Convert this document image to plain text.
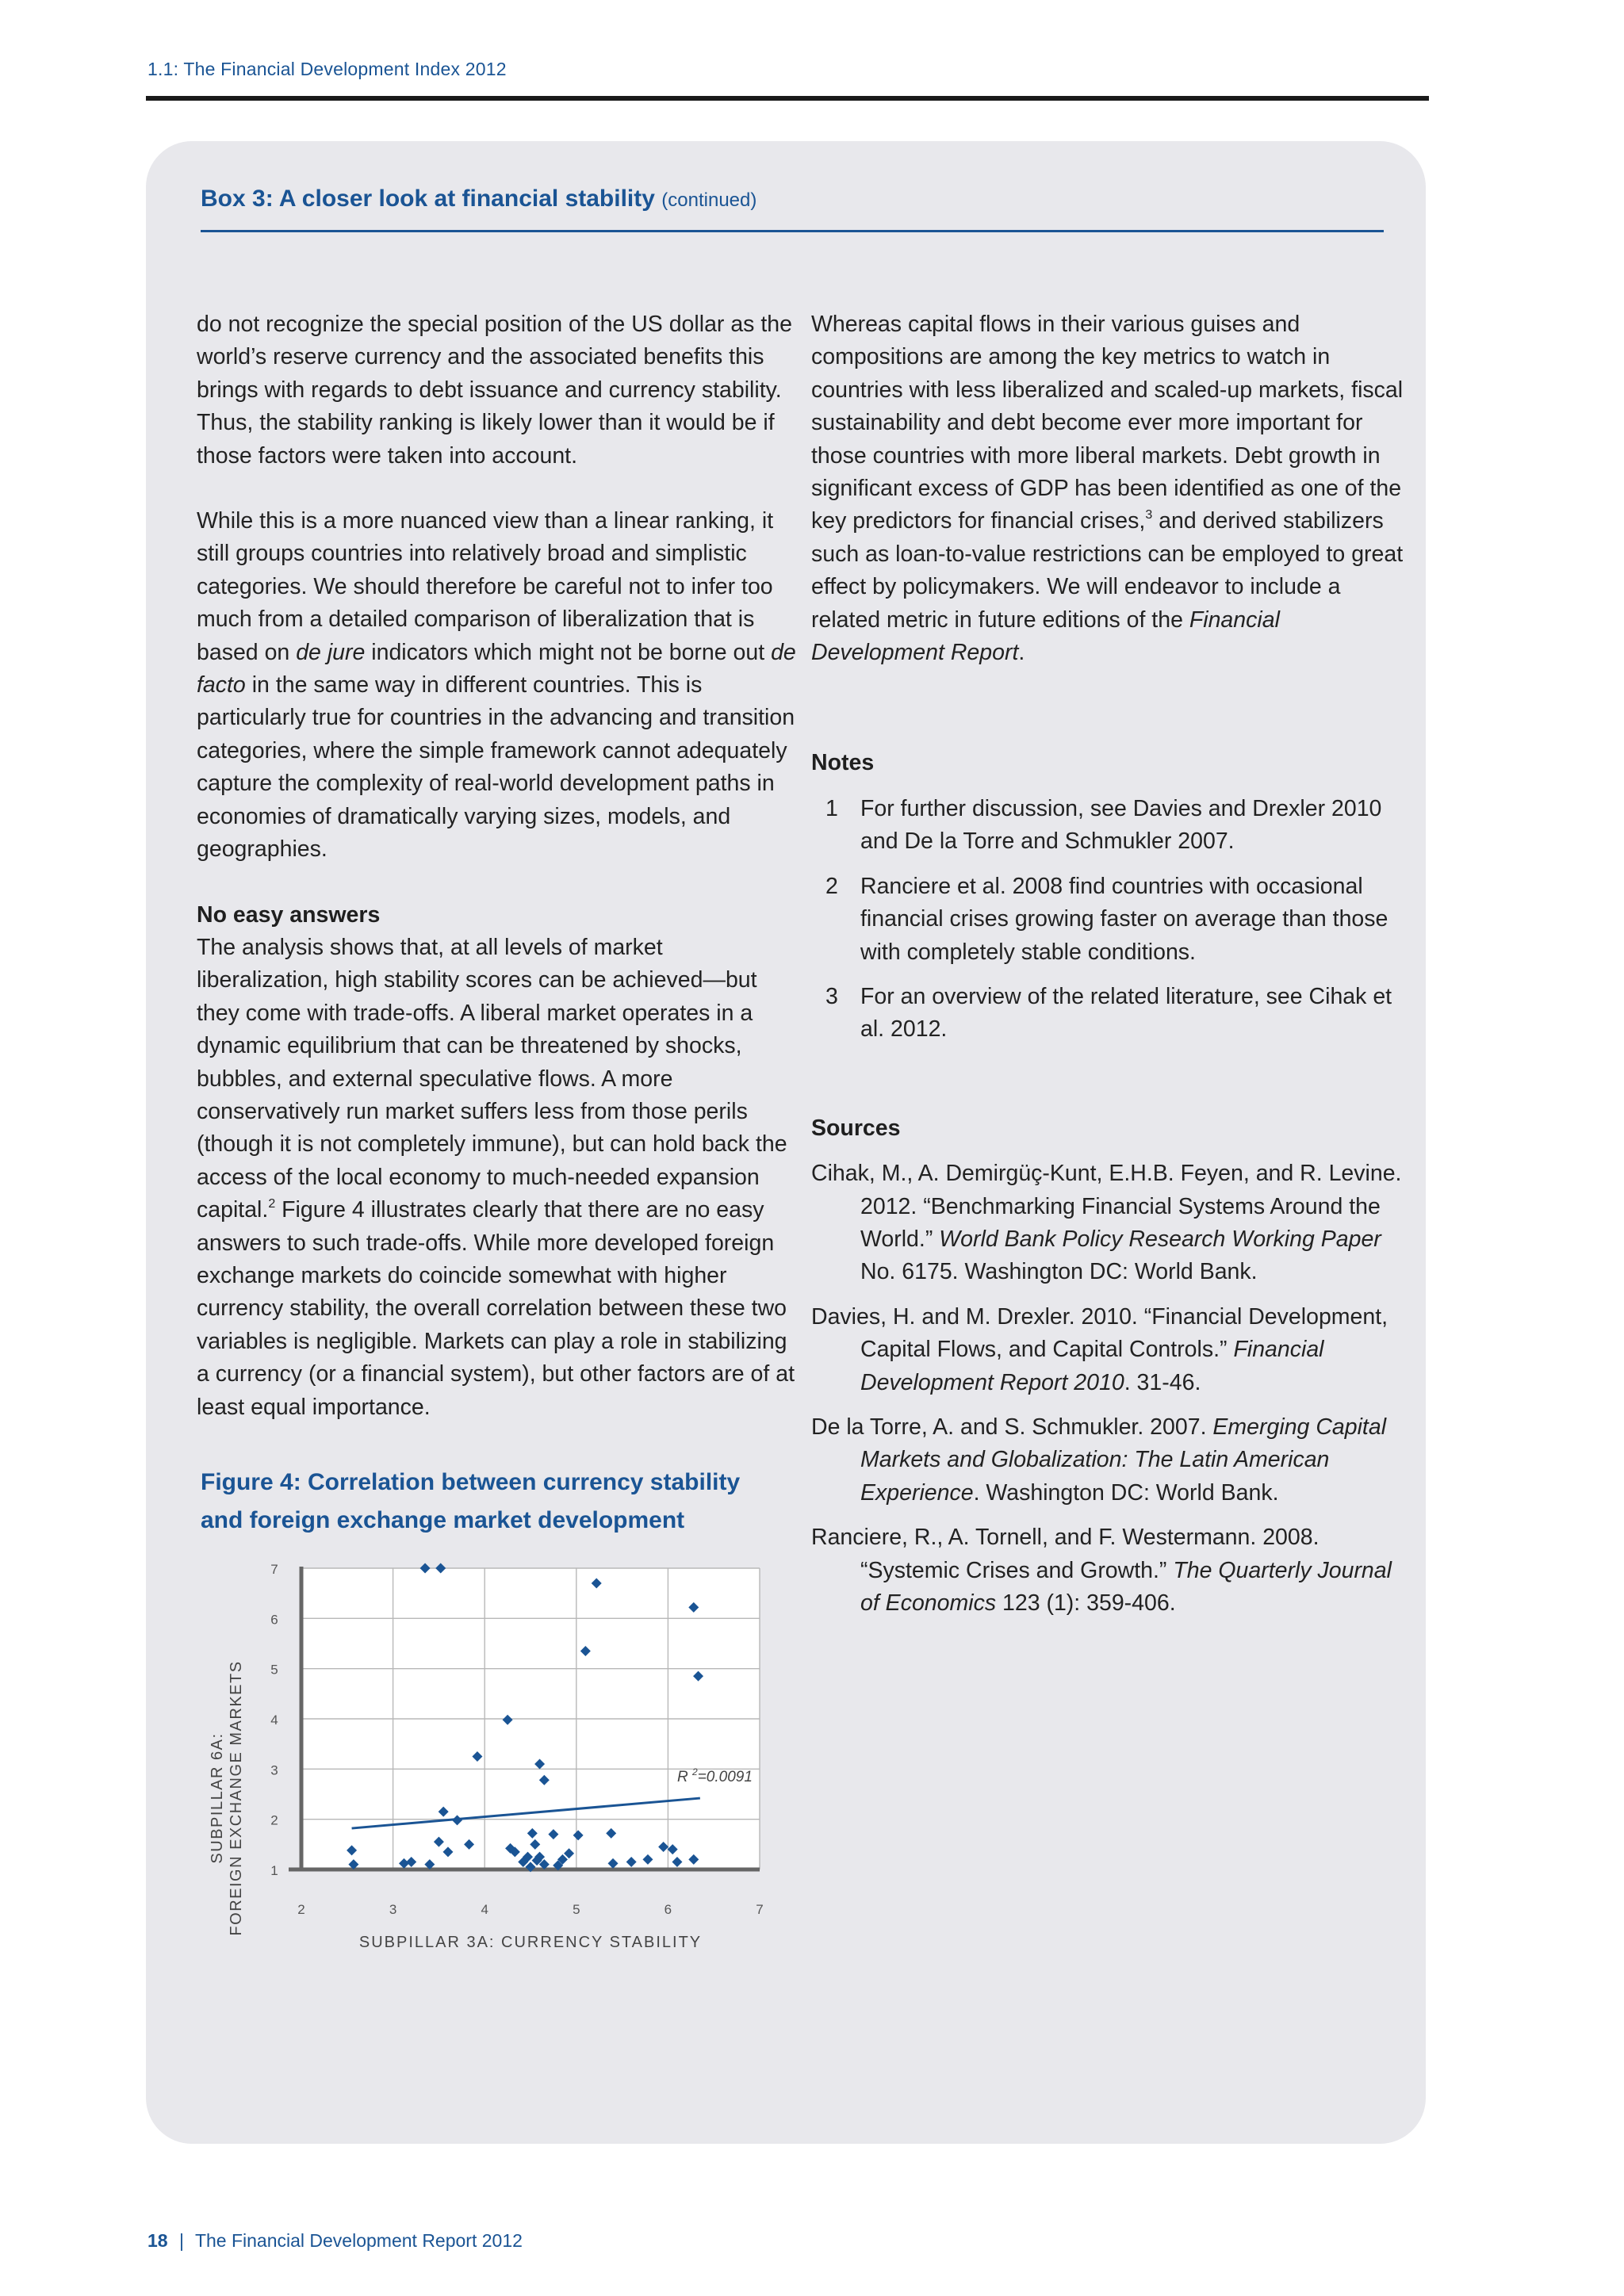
1.1: The Financial Development Index 2012
Box 3: A closer look at financial stability (continued)

do not recognize the special position of the US dollar as the world’s reserve currency and the associated benefits this brings with regards to debt issuance and currency stability. Thus, the stability ranking is likely lower than it would be if those factors were taken into account.

While this is a more nuanced view than a linear ranking, it still groups countries into relatively broad and simplistic categories. We should therefore be careful not to infer too much from a detailed comparison of liberalization that is based on de jure indicators which might not be borne out de facto in the same way in different countries. This is particularly true for countries in the advancing and transition categories, where the simple framework cannot adequately capture the complexity of real-world development paths in economies of dramatically varying sizes, models, and geographies.

No easy answers

The analysis shows that, at all levels of market liberalization, high stability scores can be achieved—but they come with trade-offs. A liberal market operates in a dynamic equilibrium that can be threatened by shocks, bubbles, and external speculative flows. A more conservatively run market suffers less from those perils (though it is not completely immune), but can hold back the access of the local economy to much-needed expansion capital.$^2$ Figure 4 illustrates clearly that there are no easy answers to such trade-offs. While more developed foreign exchange markets do coincide somewhat with higher currency stability, the overall correlation between these two variables is negligible. Markets can play a role in stabilizing a currency (or a financial system), but other factors are of at least equal importance.

Whereas capital flows in their various guises and compositions are among the key metrics to watch in countries with less liberalized and scaled-up markets, fiscal sustainability and debt become ever more important for those countries with more liberal markets. Debt growth in significant excess of GDP has been identified as one of the key predictors for financial crises,$^3$ and derived stabilizers such as loan-to-value restrictions can be employed to great effect by policymakers. We will endeavor to include a related metric in future editions of the Financial Development Report.

Notes

1 For further discussion, see Davies and Drexler 2010 and De la Torre and Schmukler 2007.
2 Ranciere et al. 2008 find countries with occasional financial crises growing faster on average than those with completely stable conditions.
3 For an overview of the related literature, see Cihak et al. 2012.

Sources

Cihak, M., A. Demirgüç-Kunt, E.H.B. Feyen, and R. Levine. 2012. “Benchmarking Financial Systems Around the World.” World Bank Policy Research Working Paper No. 6175. Washington DC: World Bank.

Davies, H. and M. Drexler. 2010. “Financial Development, Capital Flows, and Capital Controls.” Financial Development Report 2010. 31-46.

De la Torre, A. and S. Schmukler. 2007. Emerging Capital Markets and Globalization: The Latin American Experience. Washington DC: World Bank.

Ranciere, R., A. Tornell, and F. Westermann. 2008. “Systemic Crises and Growth.” The Quarterly Journal of Economics 123 (1): 359-406.

Figure 4: Correlation between currency stability
and foreign exchange market development
1
2
3
4
5
6
7
2	3	4	5	6	7
SUBPILLAR 3A: CURRENCY STABILITY
SUBPILLAR 6A: FOREIGN EXCHANGE MARKETS	R $^2$=0.0091
18 | The Financial Development Report 2012
